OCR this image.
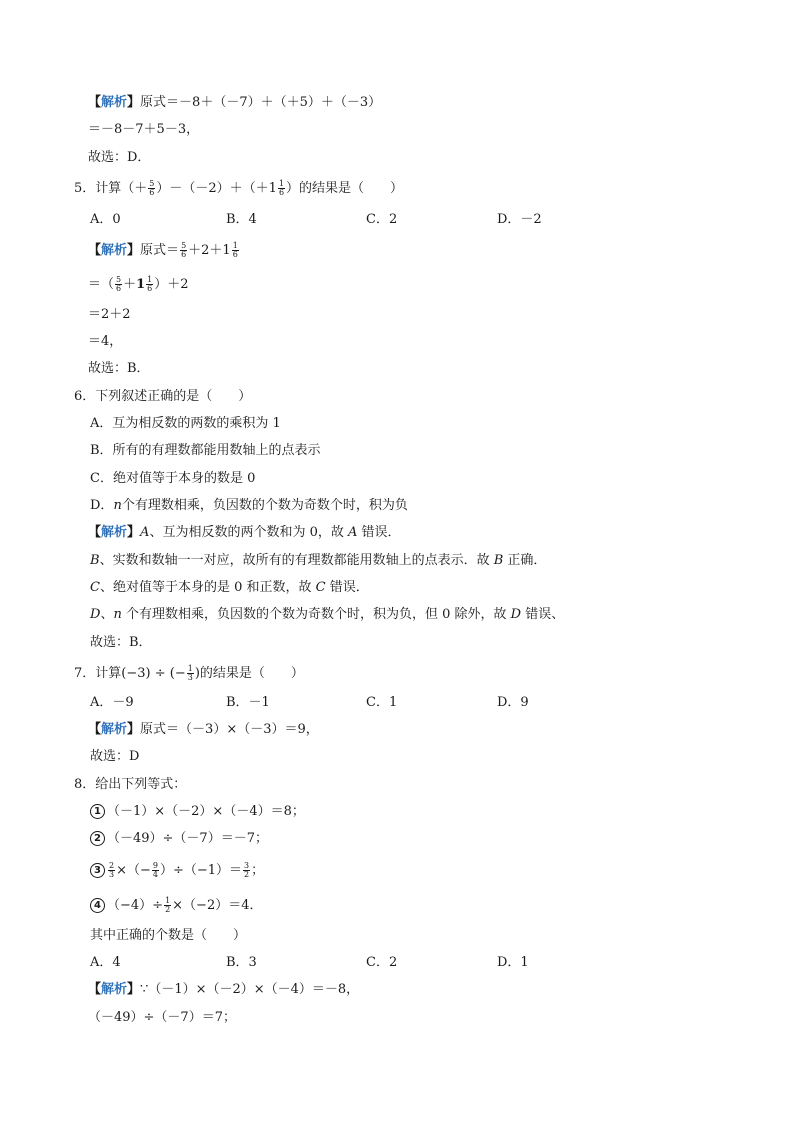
【解析】原式＝－8＋（－7）＋（＋5）＋（－3）
＝－8－7＋5－3，
故选：D．
5．计算（＋ $\frac{5}{6} )-(-2)+(+1 \frac{1}{6}$ ）的结果是（　　）
A．0	B．4	C．2	D．－2
【解析】原式＝ $\frac{5}{6} +2+1 \frac{1}{6}$
＝（ $\frac{5}{6} +1 \frac{1}{6} )+2$
＝2＋2
＝4，
故选：B．
6．下列叙述正确的是（　　）
A．互为相反数的两数的乘积为 1
B．所有的有理数都能用数轴上的点表示
C．绝对值等于本身的数是 0
D．n个有理数相乘，负因数的个数为奇数个时，积为负
【解析】A、互为相反数的两个数和为 0，故 A 错误．
B、实数和数轴一一对应，故所有的有理数都能用数轴上的点表示．故 B 正确．
C、绝对值等于本身的是 0 和正数，故 C 错误．
D、n 个有理数相乘，负因数的个数为奇数个时，积为负，但 0 除外，故 D 错误、
故选：B．
7．计算(−3) ÷ (− $\frac{1}{3}$ )的结果是（　　）
A．－9	B．－1	C．1	D．9
【解析】原式＝（－3）×（－3）＝9，
故选：D
8．给出下列等式：
1 （－1）×（－2）×（－4）＝8；
2 （－49）÷（－7）＝－7；
$3 \frac{2}{3}$ ×（− $\frac{9}{4} )\div(-1)= \frac{3}{2}$ ；
4 $(-4)\div \frac{1}{2} \times(-2)=4$．
其中正确的个数是（　　）
A．4	B．3	C．2	D．1
【解析】∵（－1）×（－2）×（－4）＝－8，
（－49）÷（－7）＝7；
